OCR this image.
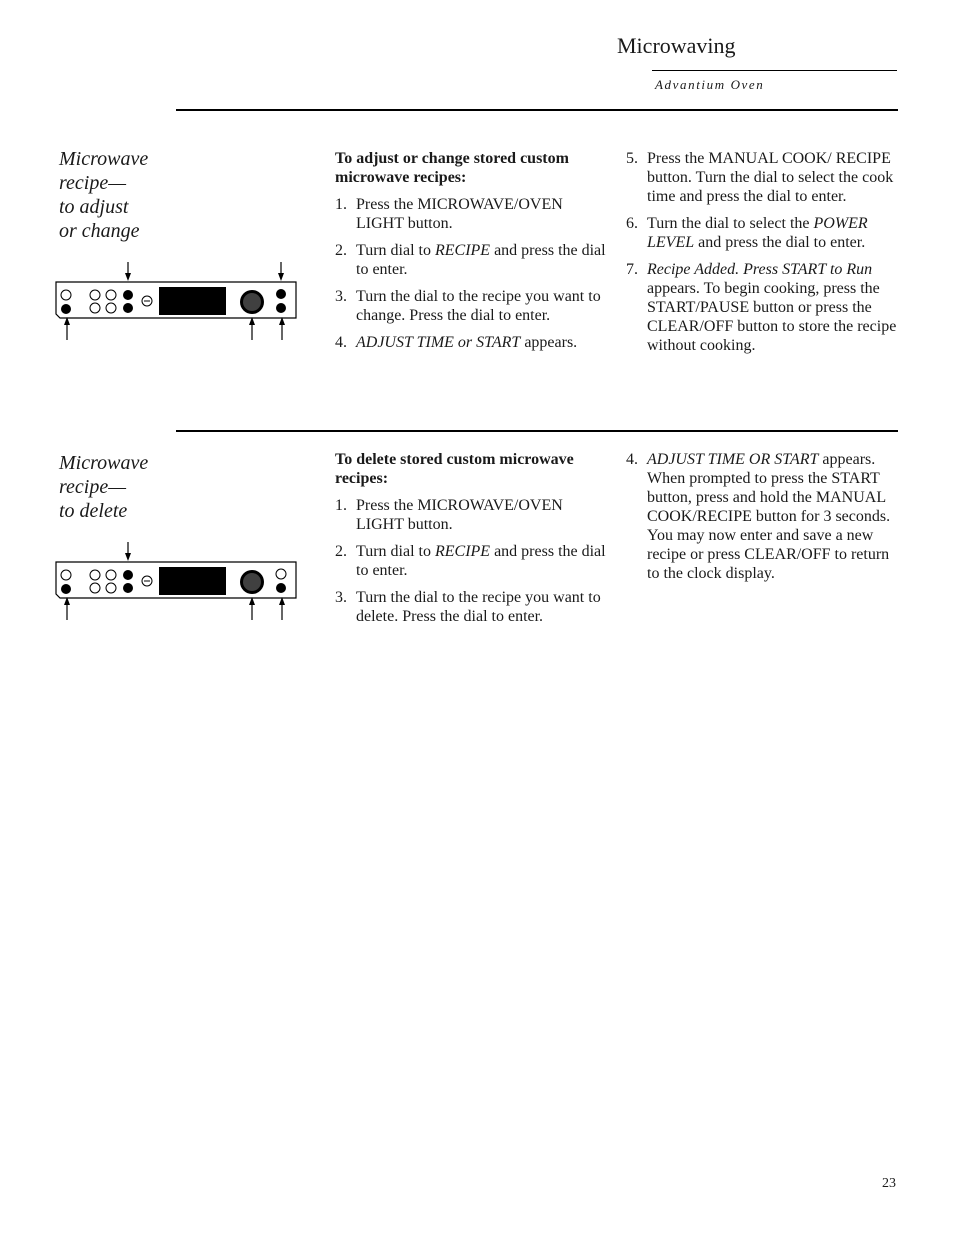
Microwaving
Advantium Oven
Microwave
recipe—
to adjust
or change

To adjust or change stored custom microwave recipes:

1. Press the MICROWAVE/OVEN LIGHT button.
2. Turn dial to RECIPE and press the dial to enter.
3. Turn the dial to the recipe you want to change. Press the dial to enter.
4. ADJUST TIME or START appears.
5. Press the MANUAL COOK/ RECIPE button. Turn the dial to select the cook time and press the dial to enter.
6. Turn the dial to select the POWER LEVEL and press the dial to enter.
7. Recipe Added. Press START to Run appears. To begin cooking, press the START/PAUSE button or press the CLEAR/OFF button to store the recipe without cooking.
Microwave
recipe—
to delete

To delete stored custom microwave recipes:

1. Press the MICROWAVE/OVEN LIGHT button.
2. Turn dial to RECIPE and press the dial to enter.
3. Turn the dial to the recipe you want to delete. Press the dial to enter.
4. ADJUST TIME OR START appears. When prompted to press the START button, press and hold the MANUAL COOK/RECIPE button for 3 seconds. You may now enter and save a new recipe or press CLEAR/OFF to return to the clock display.
23
